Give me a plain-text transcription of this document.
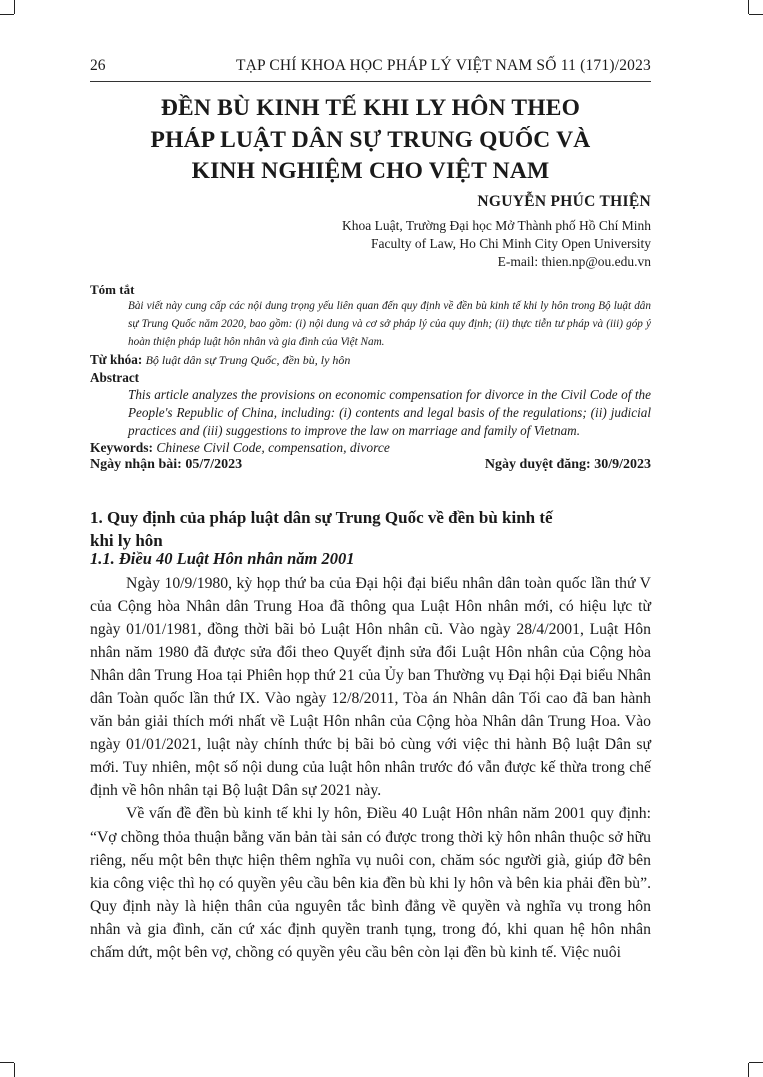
26	TẠP CHÍ KHOA HỌC PHÁP LÝ VIỆT NAM SỐ 11 (171)/2023
ĐỀN BÙ KINH TẾ KHI LY HÔN THEO
PHÁP LUẬT DÂN SỰ TRUNG QUỐC VÀ
KINH NGHIỆM CHO VIỆT NAM
NGUYỄN PHÚC THIỆN
Khoa Luật, Trường Đại học Mở Thành phố Hồ Chí Minh
Faculty of Law, Ho Chi Minh City Open University
E-mail: thien.np@ou.edu.vn
Tóm tắt
Bài viết này cung cấp các nội dung trọng yếu liên quan đến quy định về đền bù kinh tế khi ly hôn trong Bộ luật dân sự Trung Quốc năm 2020, bao gồm: (i) nội dung và cơ sở pháp lý của quy định; (ii) thực tiễn tư pháp và (iii) góp ý hoàn thiện pháp luật hôn nhân và gia đình của Việt Nam.
Từ khóa: Bộ luật dân sự Trung Quốc, đền bù, ly hôn
Abstract
This article analyzes the provisions on economic compensation for divorce in the Civil Code of the People's Republic of China, including: (i) contents and legal basis of the regulations; (ii) judicial practices and (iii) suggestions to improve the law on marriage and family of Vietnam.
Keywords: Chinese Civil Code, compensation, divorce
Ngày nhận bài: 05/7/2023	Ngày duyệt đăng: 30/9/2023
1. Quy định của pháp luật dân sự Trung Quốc về đền bù kinh tế
khi ly hôn
1.1. Điều 40 Luật Hôn nhân năm 2001

Ngày 10/9/1980, kỳ họp thứ ba của Đại hội đại biểu nhân dân toàn quốc lần thứ V của Cộng hòa Nhân dân Trung Hoa đã thông qua Luật Hôn nhân mới, có hiệu lực từ ngày 01/01/1981, đồng thời bãi bỏ Luật Hôn nhân cũ. Vào ngày 28/4/2001, Luật Hôn nhân năm 1980 đã được sửa đổi theo Quyết định sửa đổi Luật Hôn nhân của Cộng hòa Nhân dân Trung Hoa tại Phiên họp thứ 21 của Ủy ban Thường vụ Đại hội Đại biểu Nhân dân Toàn quốc lần thứ IX. Vào ngày 12/8/2011, Tòa án Nhân dân Tối cao đã ban hành văn bản giải thích mới nhất về Luật Hôn nhân của Cộng hòa Nhân dân Trung Hoa. Vào ngày 01/01/2021, luật này chính thức bị bãi bỏ cùng với việc thi hành Bộ luật Dân sự mới. Tuy nhiên, một số nội dung của luật hôn nhân trước đó vẫn được kế thừa trong chế định về hôn nhân tại Bộ luật Dân sự 2021 này.

Về vấn đề đền bù kinh tế khi ly hôn, Điều 40 Luật Hôn nhân năm 2001 quy định: “Vợ chồng thỏa thuận bằng văn bản tài sản có được trong thời kỳ hôn nhân thuộc sở hữu riêng, nếu một bên thực hiện thêm nghĩa vụ nuôi con, chăm sóc người già, giúp đỡ bên kia công việc thì họ có quyền yêu cầu bên kia đền bù khi ly hôn và bên kia phải đền bù”. Quy định này là hiện thân của nguyên tắc bình đẳng về quyền và nghĩa vụ trong hôn nhân và gia đình, căn cứ xác định quyền tranh tụng, trong đó, khi quan hệ hôn nhân chấm dứt, một bên vợ, chồng có quyền yêu cầu bên còn lại đền bù kinh tế. Việc nuôi
